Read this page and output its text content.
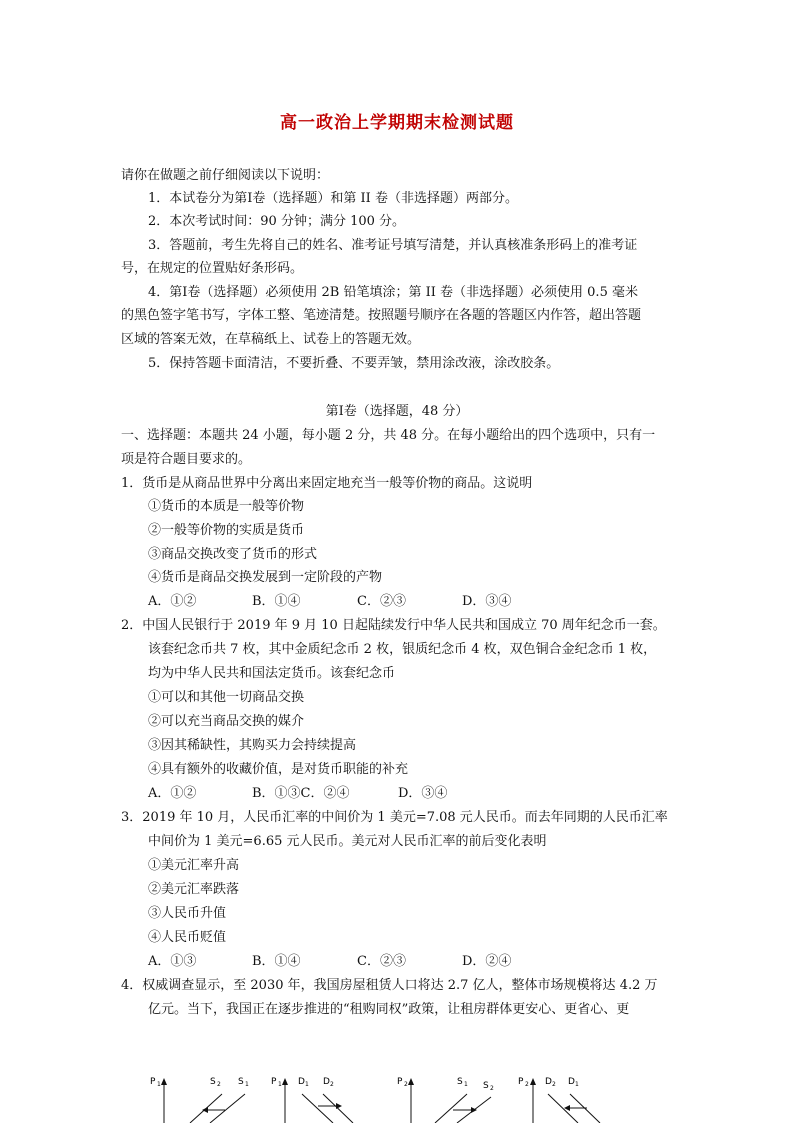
高一政治上学期期末检测试题
请你在做题之前仔细阅读以下说明：
1．本试卷分为第Ⅰ卷（选择题）和第 II 卷（非选择题）两部分。
2．本次考试时间：90 分钟；满分 100 分。
3．答题前，考生先将自己的姓名、准考证号填写清楚，并认真核准条形码上的准考证
号，在规定的位置贴好条形码。
4．第Ⅰ卷（选择题）必须使用 2B 铅笔填涂；第 II 卷（非选择题）必须使用 0.5 毫米
的黑色签字笔书写，字体工整、笔迹清楚。按照题号顺序在各题的答题区内作答，超出答题
区域的答案无效，在草稿纸上、试卷上的答题无效。
5．保持答题卡面清洁，不要折叠、不要弄皱，禁用涂改液，涂改胶条。
第Ⅰ卷（选择题，48 分）
一、选择题：本题共 24 小题，每小题 2 分，共 48 分。在每小题给出的四个选项中，只有一
项是符合题目要求的。
1．货币是从商品世界中分离出来固定地充当一般等价物的商品。这说明
①货币的本质是一般等价物
②一般等价物的实质是货币
③商品交换改变了货币的形式
④货币是商品交换发展到一定阶段的产物
A．①②	B．①④	C．②③	D．③④
2．中国人民银行于 2019 年 9 月 10 日起陆续发行中华人民共和国成立 70 周年纪念币一套。
该套纪念币共 7 枚，其中金质纪念币 2 枚，银质纪念币 4 枚，双色铜合金纪念币 1 枚，
均为中华人民共和国法定货币。该套纪念币
①可以和其他一切商品交换
②可以充当商品交换的媒介
③因其稀缺性，其购买力会持续提高
④具有额外的收藏价值，是对货币职能的补充
A．①②	B．①③C．②④	D．③④
3．2019 年 10 月，人民币汇率的中间价为 1 美元=7.08 元人民币。而去年同期的人民币汇率
中间价为 1 美元=6.65 元人民币。美元对人民币汇率的前后变化表明
①美元汇率升高
②美元汇率跌落
③人民币升值
④人民币贬值
A．①③	B．①④	C．②③	D．②④
4．权威调查显示，至 2030 年，我国房屋租赁人口将达 2.7 亿人，整体市场规模将达 4.2 万
亿元。当下，我国正在逐步推进的“租购同权”政策，让租房群体更安心、更省心、更
P 1	S 2 S 1 P 1 D 1 D 2	P 2	S 1 S 2
P 2 D 2 D 1
